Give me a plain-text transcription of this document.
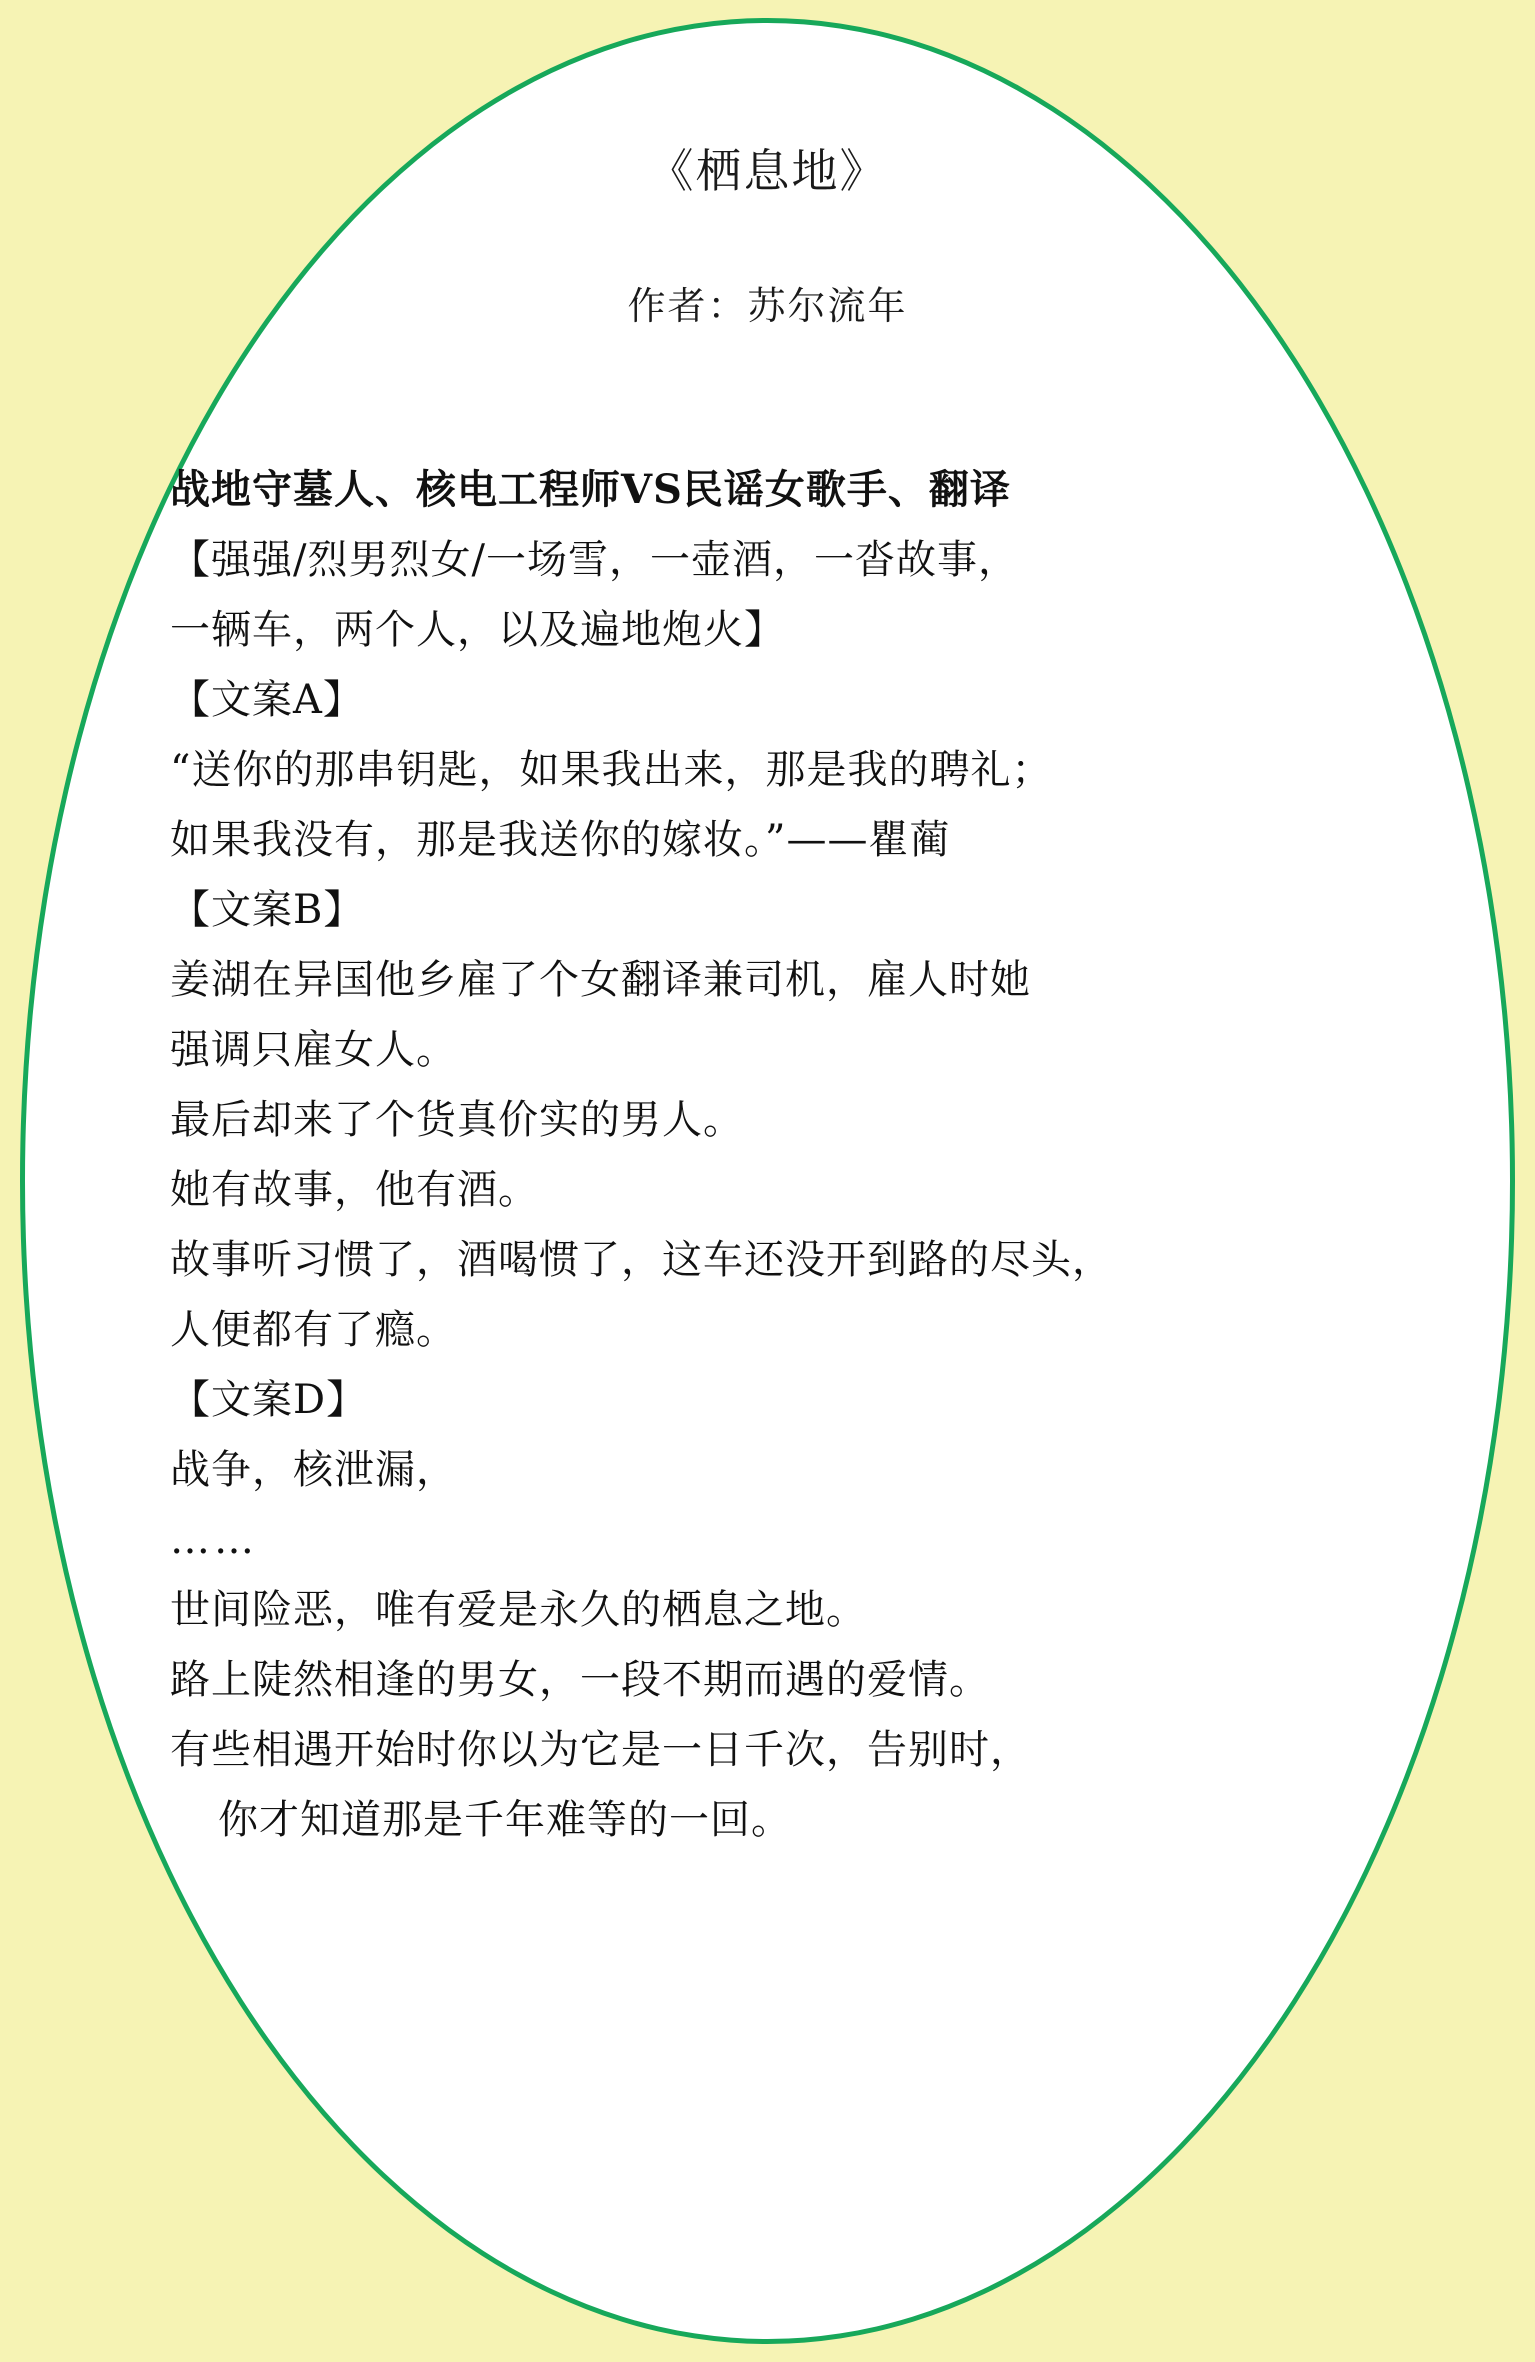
《栖息地》
作者：苏尔流年

战地守墓人、核电工程师VS民谣女歌手、翻译

【强强/烈男烈女/一场雪，一壶酒，一沓故事，

一辆车，两个人，以及遍地炮火】

【文案A】

“送你的那串钥匙，如果我出来，那是我的聘礼；

如果我没有，那是我送你的嫁妆。”——瞿蔺

【文案B】

姜湖在异国他乡雇了个女翻译兼司机，雇人时她

强调只雇女人。

最后却来了个货真价实的男人。

她有故事，他有酒。

故事听习惯了，酒喝惯了，这车还没开到路的尽头，

人便都有了瘾。

【文案D】

战争，核泄漏，

……

世间险恶，唯有爱是永久的栖息之地。

路上陡然相逢的男女，一段不期而遇的爱情。

有些相遇开始时你以为它是一日千次，告别时，

你才知道那是千年难等的一回。
